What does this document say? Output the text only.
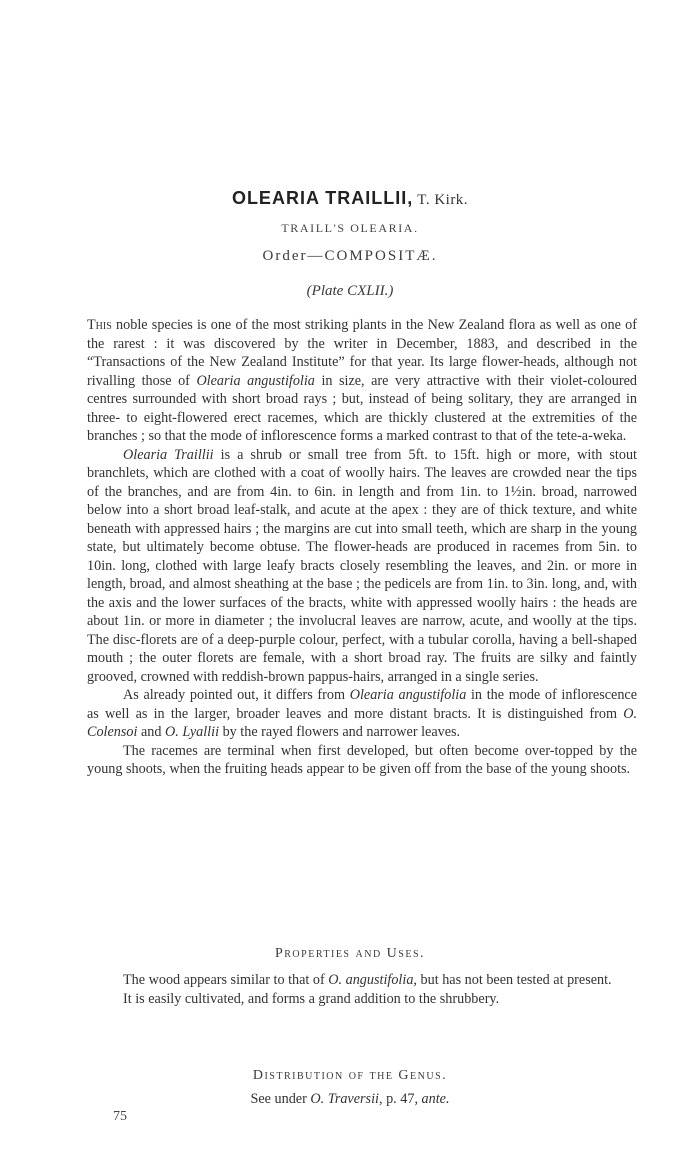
OLEARIA TRAILLII, T. Kirk.
TRAILL'S OLEARIA.
Order—COMPOSITÆ.
(Plate CXLII.)

This noble species is one of the most striking plants in the New Zealand flora as well as one of the rarest : it was discovered by the writer in December, 1883, and described in the “Transactions of the New Zealand Institute” for that year. Its large flower-heads, although not rivalling those of Olearia angustifolia in size, are very attractive with their violet-coloured centres surrounded with short broad rays ; but, instead of being solitary, they are arranged in three- to eight-flowered erect racemes, which are thickly clustered at the extremities of the branches ; so that the mode of inflorescence forms a marked contrast to that of the tete-a-weka.

Olearia Traillii is a shrub or small tree from 5ft. to 15ft. high or more, with stout branchlets, which are clothed with a coat of woolly hairs. The leaves are crowded near the tips of the branches, and are from 4in. to 6in. in length and from 1in. to 1½in. broad, narrowed below into a short broad leaf-stalk, and acute at the apex : they are of thick texture, and white beneath with appressed hairs ; the margins are cut into small teeth, which are sharp in the young state, but ultimately become obtuse. The flower-heads are produced in racemes from 5in. to 10in. long, clothed with large leafy bracts closely resembling the leaves, and 2in. or more in length, broad, and almost sheathing at the base ; the pedicels are from 1in. to 3in. long, and, with the axis and the lower surfaces of the bracts, white with appressed woolly hairs : the heads are about 1in. or more in diameter ; the involucral leaves are narrow, acute, and woolly at the tips. The disc-florets are of a deep-purple colour, perfect, with a tubular corolla, having a bell-shaped mouth ; the outer florets are female, with a short broad ray. The fruits are silky and faintly grooved, crowned with reddish-brown pappus-hairs, arranged in a single series.

As already pointed out, it differs from Olearia angustifolia in the mode of inflorescence as well as in the larger, broader leaves and more distant bracts. It is distinguished from O. Colensoi and O. Lyallii by the rayed flowers and narrower leaves.

The racemes are terminal when first developed, but often become over-topped by the young shoots, when the fruiting heads appear to be given off from the base of the young shoots.

Properties and Uses.

The wood appears similar to that of O. angustifolia, but has not been tested at present.

It is easily cultivated, and forms a grand addition to the shrubbery.

Distribution of the Genus.
See under O. Traversii, p. 47, ante.
75
